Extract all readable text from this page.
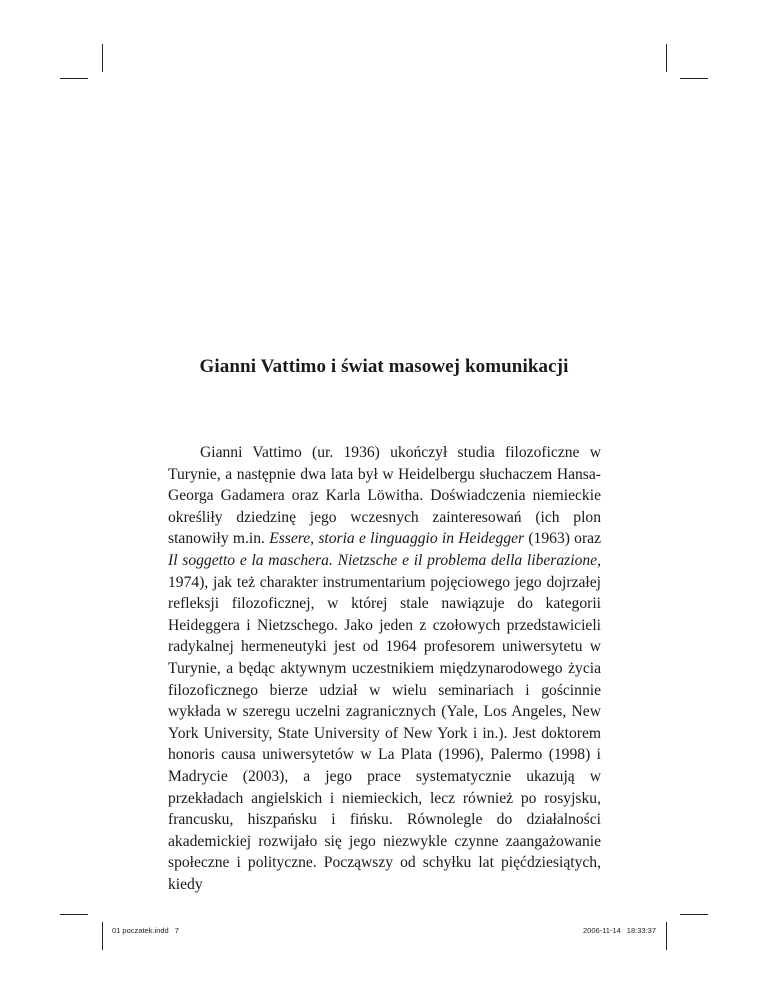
Gianni Vattimo i świat masowej komunikacji

Gianni Vattimo (ur. 1936) ukończył studia filozoficzne w Turynie, a następnie dwa lata był w Heidelbergu słuchaczem Hansa-Georga Gadamera oraz Karla Löwitha. Doświadczenia niemieckie określiły dziedzinę jego wczesnych zainteresowań (ich plon stanowiły m.in. Essere, storia e linguaggio in Heidegger (1963) oraz Il soggetto e la maschera. Nietzsche e il problema della liberazione, 1974), jak też charakter instrumentarium pojęciowego jego dojrzałej refleksji filozoficznej, w której stale nawiązuje do kategorii Heideggera i Nietzschego. Jako jeden z czołowych przedstawicieli radykalnej hermeneutyki jest od 1964 profesorem uniwersytetu w Turynie, a będąc aktywnym uczestnikiem międzynarodowego życia filozoficznego bierze udział w wielu seminariach i gościnnie wykłada w szeregu uczelni zagranicznych (Yale, Los Angeles, New York University, State University of New York i in.). Jest doktorem honoris causa uniwersytetów w La Plata (1996), Palermo (1998) i Madrycie (2003), a jego prace systematycznie ukazują w przekładach angielskich i niemieckich, lecz również po rosyjsku, francusku, hiszpańsku i fińsku. Równolegle do działalności akademickiej rozwijało się jego niezwykle czynne zaangażowanie społeczne i polityczne. Począwszy od schyłku lat pięćdziesiątych, kiedy

01 poczatek.indd 7	2006-11-14 18:33:37
